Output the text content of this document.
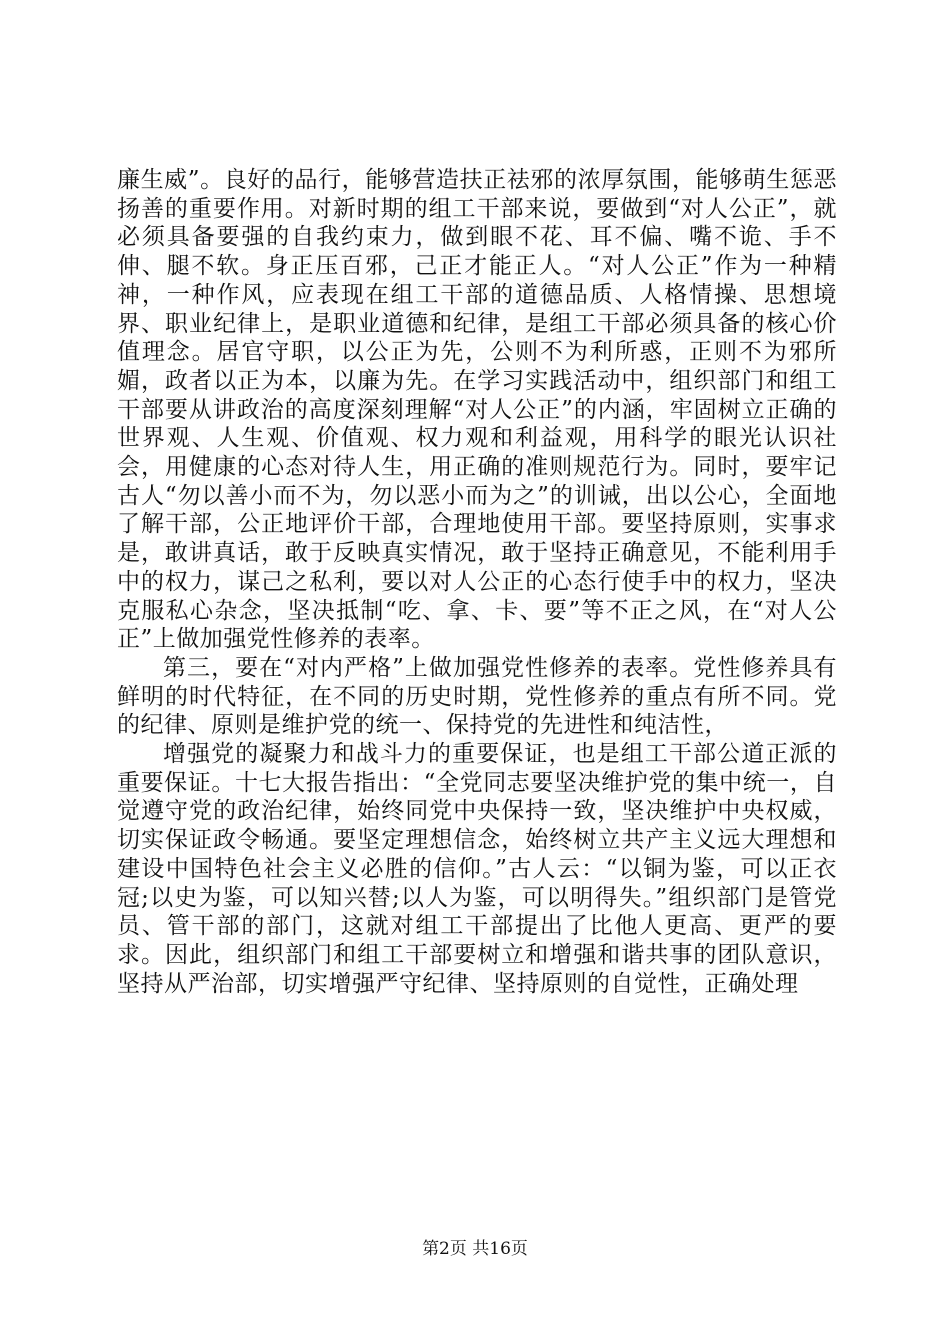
廉生威”。良好的品行，能够营造扶正祛邪的浓厚氛围，能够萌生惩恶扬善的重要作用。对新时期的组工干部来说，要做到“对人公正”，就必须具备要强的自我约束力，做到眼不花、耳不偏、嘴不诡、手不伸、腿不软。身正压百邪，己正才能正人。“对人公正”作为一种精神，一种作风，应表现在组工干部的道德品质、人格情操、思想境界、职业纪律上，是职业道德和纪律，是组工干部必须具备的核心价值理念。居官守职，以公正为先，公则不为利所惑，正则不为邪所媚，政者以正为本，以廉为先。在学习实践活动中，组织部门和组工干部要从讲政治的高度深刻理解“对人公正”的内涵，牢固树立正确的世界观、人生观、价值观、权力观和利益观，用科学的眼光认识社会，用健康的心态对待人生，用正确的准则规范行为。同时，要牢记古人“勿以善小而不为，勿以恶小而为之”的训诫，出以公心，全面地了解干部，公正地评价干部，合理地使用干部。要坚持原则，实事求是，敢讲真话，敢于反映真实情况，敢于坚持正确意见，不能利用手中的权力，谋己之私利，要以对人公正的心态行使手中的权力，坚决克服私心杂念，坚决抵制“吃、拿、卡、要”等不正之风，在“对人公正”上做加强党性修养的表率。

第三，要在“对内严格”上做加强党性修养的表率。党性修养具有鲜明的时代特征，在不同的历史时期，党性修养的重点有所不同。党的纪律、原则是维护党的统一、保持党的先进性和纯洁性，

增强党的凝聚力和战斗力的重要保证，也是组工干部公道正派的重要保证。十七大报告指出：“全党同志要坚决维护党的集中统一，自觉遵守党的政治纪律，始终同党中央保持一致，坚决维护中央权威，切实保证政令畅通。要坚定理想信念，始终树立共产主义远大理想和建设中国特色社会主义必胜的信仰。”古人云：“以铜为鉴，可以正衣冠;以史为鉴，可以知兴替;以人为鉴，可以明得失。”组织部门是管党员、管干部的部门，这就对组工干部提出了比他人更高、更严的要求。因此，组织部门和组工干部要树立和增强和谐共事的团队意识，坚持从严治部，切实增强严守纪律、坚持原则的自觉性，正确处理

第2页 共16页
